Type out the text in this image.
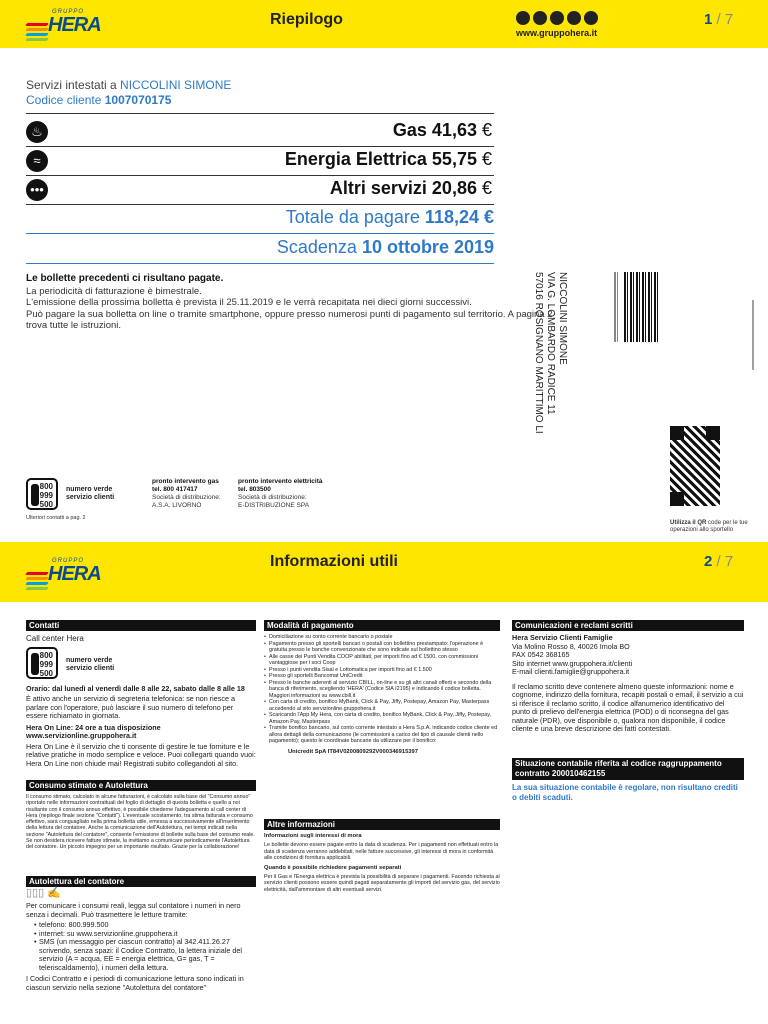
GRUPPO
HERA	Riepilogo
www.gruppohera.it
1 / 7
Servizi intestati a NICCOLINI SIMONE
Codice cliente 1007070175
♨	Gas 41,63 €
≈	Energia Elettrica 55,75 €
•••	Altri servizi 20,86 €
Totale da pagare 118,24 €
Scadenza 10 ottobre 2019
Le bollette precedenti ci risultano pagate.
La periodicità di fatturazione è bimestrale.
L'emissione della prossima bolletta è prevista il 25.11.2019 e le verrà recapitata nei dieci giorni successivi.
Può pagare la sua bolletta on line o tramite smartphone, oppure presso numerosi punti di pagamento sul territorio. A pagina 2 trova tutte le istruzioni.	NICCOLINI SIMONE
VIA G. LOMBARDO RADICE 11
57016 ROSIGNANO MARITTIMO LI
Utilizza il QR code per le tue operazioni allo sportello
800
999
500
numero verde servizio clienti
Ulteriori contatti a pag. 2
pronto intervento gas
tel. 800 417417
Società di distribuzione:
A.S.A. LIVORNO
pronto intervento elettricità
tel. 803500
Società di distribuzione:
E-DISTRIBUZIONE SPA
GRUPPO
HERA
Informazioni utili	2 / 7
Contatti
Call center Hera
800
999
500
numero verde servizio clienti

Orario: dal lunedì al venerdì dalle 8 alle 22, sabato dalle 8 alle 18

È attivo anche un servizio di segreteria telefonica: se non riesce a parlare con l'operatore, può lasciare il suo numero di telefono per essere richiamato in giornata.

Hera On Line: 24 ore a tua disposizione
www.servizionline.gruppohera.it

Hera On Line è il servizio che ti consente di gestire le tue forniture e le relative pratiche in modo semplice e veloce. Puoi collegarti quando vuoi: Hera On Line non chiude mai! Registrati subito collegandoti al sito.

Consumo stimato e Autolettura

Il consumo stimato, calcolato in alcune fatturazioni, è calcolato sulla base del "Consumo annuo" riportato nelle informazioni contrattuali del foglio di dettaglio di questa bolletta e quello a noi risultante con il consumo annuo effettivo, è possibile chiederne l'adeguamento al call center di Hera (riepilogo finale sezione "Contatti"). L'eventuale scostamento, tra stima fatturata e consumo effettivo, sarà conguagliato nella prima bolletta utile, emessa a successivamente all'inserimento della lettura del contatore. Anche la comunicazione dell'Autolettura, nei tempi indicati nella sezione "Autolettura del contatore", consente l'emissione di bollette sulla base del consumo reale. Se non desidera ricevere fatture stimate, la invitiamo a comunicare periodicamente l'Autolettura del contatore. Un piccolo impegno per un importante risultato. Grazie per la collaborazione!

Autolettura del contatore
▯▯▯ ✍

Per comunicare i consumi reali, legga sul contatore i numeri in nero senza i decimali. Può trasmettere le letture tramite:

• telefono: 800.999.500
• internet: su www.servizionline.gruppohera.it
• SMS (un messaggio per ciascun contratto) al 342.411.26.27 scrivendo, senza spazi: il Codice Contratto, la lettera iniziale del servizio (A = acqua, EE = energia elettrica, G= gas, T = teleriscaldamento), i numeri della lettura.

I Codici Contratto e i periodi di comunicazione lettura sono indicati in ciascun servizio nella sezione "Autolettura del contatore"

Modalità di pagamento
• Domiciliazione su conto corrente bancario o postale
• Pagamento presso gli sportelli bancari o postali con bollettino prestampato: l'operazione è gratuita presso le banche convenzionate che sono indicate sul bollettino stesso
• Alle casse dei Punti Vendita COOP abilitati, per importi fino ad € 1500, con commissioni vantaggiose per i soci Coop
• Presso i punti vendita Sisal e Lottomatica per importi fino ad € 1.500
• Presso gli sportelli Bancomat UniCredit
• Presso le banche aderenti al servizio CBILL, on-line e su gli altri canali offerti e secondo della banca di riferimento, scegliendo 'HERA' (Codice SIA I2195) e indicando il codice bolletta. Maggiori informazioni su www.cbill.it
• Con carta di credito, bonifico MyBank, Click & Pay, Jiffy, Postepay, Amazon Pay, Masterpass accedendo al sito servizionline.gruppohera.it
• Scaricando l'App My Hera, con carta di credito, bonifico MyBank, Click & Pay, Jiffy, Postepay, Amazon Pay, Masterpass
• Tramite bonifico bancario, sul conto corrente intestato a Hera S.p.A. indicando codice cliente ed allora dettagli della comunicazione (le commissioni a carico del tipo di causale clienti nello pagamento); questo le coordinate bancarie da utilizzare per il bonifico:

Unicredit SpA IT84V0200809292V000346915397

Altre informazioni

Informazioni sugli interessi di mora

Le bollette devono essere pagate entro la data di scadenza. Per i pagamenti non effettuati entro la data di scadenza verranno addebitati, nelle fatture successive, gli interessi di mora in conformità alle condizioni di fornitura applicabili.

Quando è possibile richiedere pagamenti separati

Per il Gas e l'Energia elettrica è prevista la possibilità di separare i pagamenti. Facendo richiesta al servizio clienti possono essere quindi pagati separatamente gli importi del servizio gas, del servizio elettricità, dall'ammontare di altri eventuali servizi.

Comunicazioni e reclami scritti

Hera Servizio Clienti Famiglie
Via Molino Rosso 8, 40026 Imola BO
FAX 0542 368165
Sito internet www.gruppohera.it/clienti
E-mail clienti.famiglie@gruppohera.it

Il reclamo scritto deve contenere almeno queste informazioni: nome e cognome, indirizzo della fornitura, recapiti postali o email, il servizio a cui si riferisce il reclamo scritto, il codice alfanumerico identificativo del punto di prelievo dell'energia elettrica (POD) o di riconsegna del gas naturale (PDR), ove disponibile o, qualora non disponibile, il codice cliente e una breve descrizione dei fatti contestati.

Situazione contabile riferita al codice raggruppamento contratto 200010462155

La sua situazione contabile è regolare, non risultano crediti o debiti scaduti.
